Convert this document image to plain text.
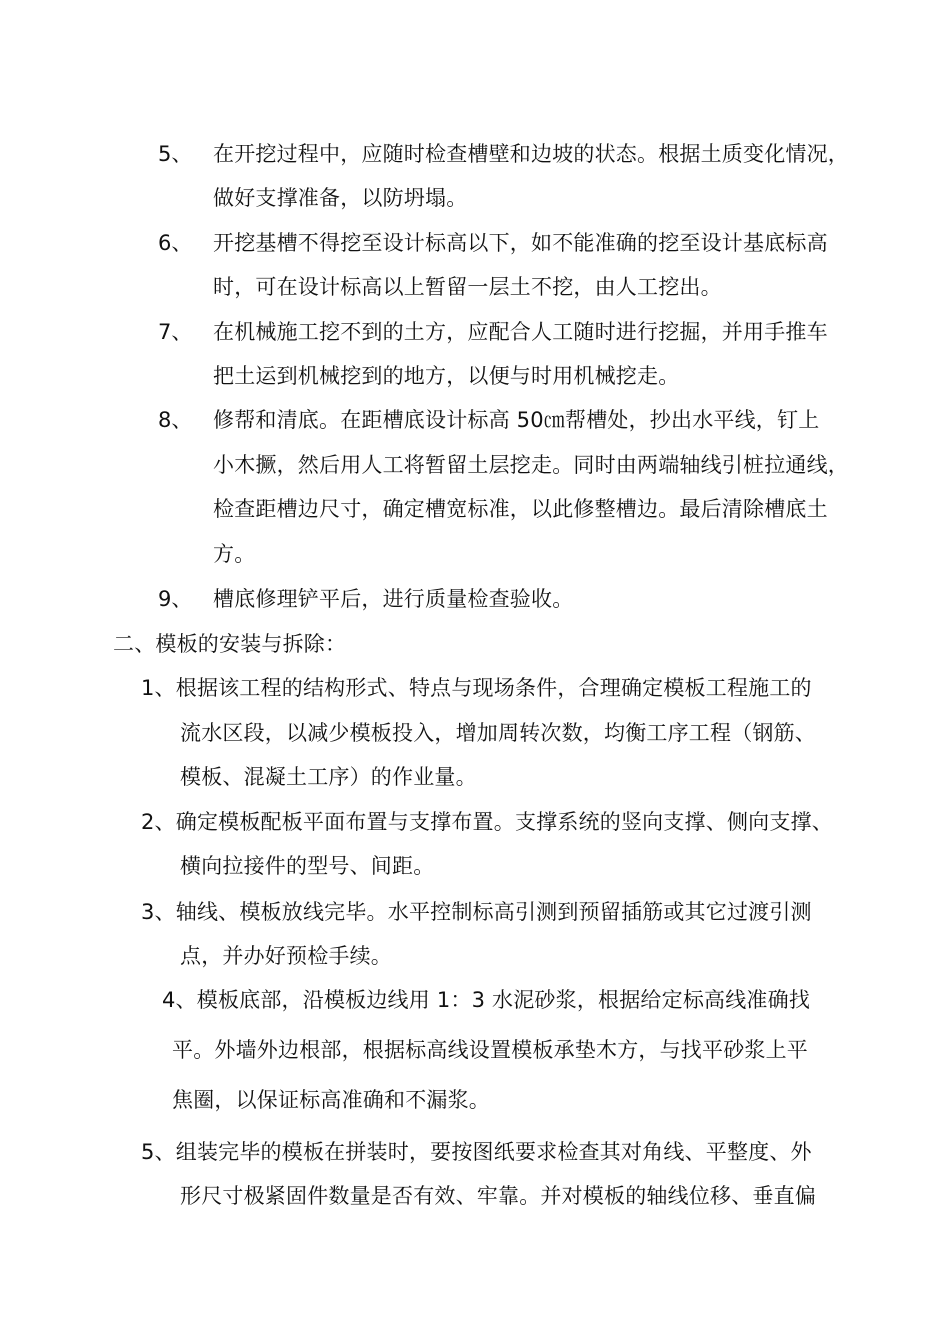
5、 在开挖过程中，应随时检查槽壁和边坡的状态。根据土质变化情况，
做好支撑准备，以防坍塌。
6、 开挖基槽不得挖至设计标高以下，如不能准确的挖至设计基底标高
时，可在设计标高以上暂留一层土不挖，由人工挖出。
7、 在机械施工挖不到的土方，应配合人工随时进行挖掘，并用手推车
把土运到机械挖到的地方，以便与时用机械挖走。
8、 修帮和清底。在距槽底设计标高 50㎝帮槽处，抄出水平线，钉上
小木撅，然后用人工将暂留土层挖走。同时由两端轴线引桩拉通线，
检查距槽边尺寸，确定槽宽标准，以此修整槽边。最后清除槽底土
方。
9、 槽底修理铲平后，进行质量检查验收。
二、模板的安装与拆除：
1、根据该工程的结构形式、特点与现场条件，合理确定模板工程施工的
流水区段，以减少模板投入，增加周转次数，均衡工序工程（钢筋、
模板、混凝土工序）的作业量。
2、确定模板配板平面布置与支撑布置。支撑系统的竖向支撑、侧向支撑、
横向拉接件的型号、间距。
3、轴线、模板放线完毕。水平控制标高引测到预留插筋或其它过渡引测
点，并办好预检手续。
4、模板底部，沿模板边线用 1：3 水泥砂浆，根据给定标高线准确找
平。外墙外边根部，根据标高线设置模板承垫木方，与找平砂浆上平
焦圈，以保证标高准确和不漏浆。
5、组装完毕的模板在拼装时，要按图纸要求检查其对角线、平整度、外
形尺寸极紧固件数量是否有效、牢靠。并对模板的轴线位移、垂直偏
